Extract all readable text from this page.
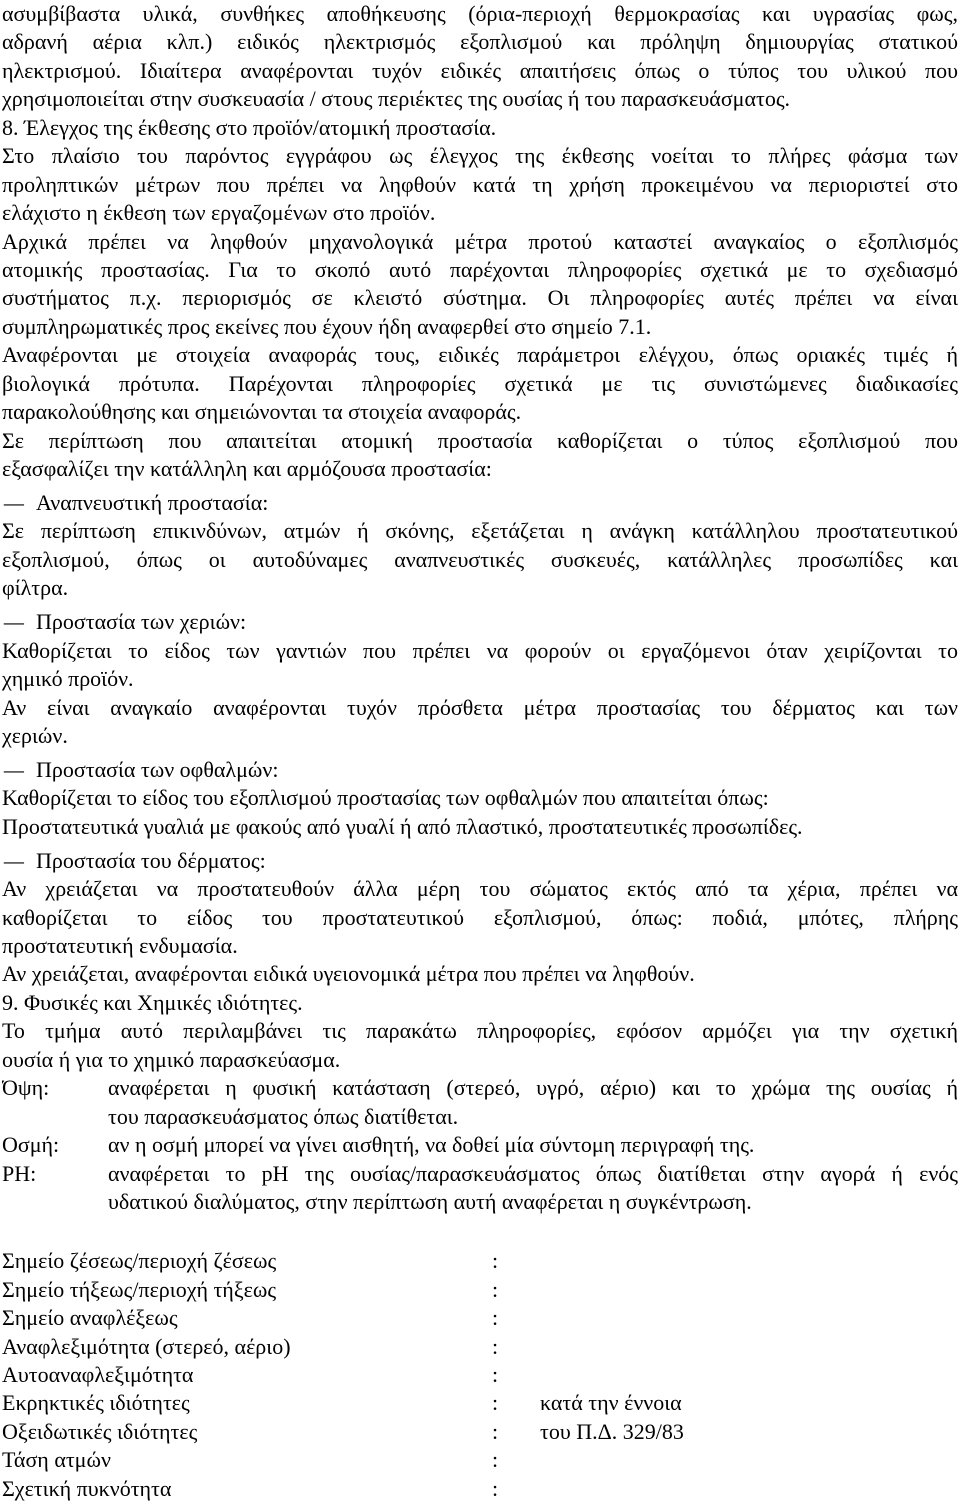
ασυμβίβαστα υλικά, συνθήκες αποθήκευσης (όρια-περιοχή θερμοκρασίας και υγρασίας φως,
αδρανή αέρια κλπ.) ειδικός ηλεκτρισμός εξοπλισμού και πρόληψη δημιουργίας στατικού
ηλεκτρισμού. Ιδιαίτερα αναφέρονται τυχόν ειδικές απαιτήσεις όπως ο τύπος του υλικού που
χρησιμοποιείται στην συσκευασία / στους περιέκτες της ουσίας ή του παρασκευάσματος.
8. Έλεγχος της έκθεσης στο προϊόν/ατομική προστασία.
Στο πλαίσιο του παρόντος εγγράφου ως έλεγχος της έκθεσης νοείται το πλήρες φάσμα των
προληπτικών μέτρων που πρέπει να ληφθούν κατά τη χρήση προκειμένου να περιοριστεί στο
ελάχιστο η έκθεση των εργαζομένων στο προϊόν.
Αρχικά πρέπει να ληφθούν μηχανολογικά μέτρα προτού καταστεί αναγκαίος ο εξοπλισμός
ατομικής προστασίας. Για το σκοπό αυτό παρέχονται πληροφορίες σχετικά με το σχεδιασμό
συστήματος π.χ. περιορισμός σε κλειστό σύστημα. Οι πληροφορίες αυτές πρέπει να είναι
συμπληρωματικές προς εκείνες που έχουν ήδη αναφερθεί στο σημείο 7.1.
Αναφέρονται με στοιχεία αναφοράς τους, ειδικές παράμετροι ελέγχου, όπως οριακές τιμές ή
βιολογικά πρότυπα. Παρέχονται πληροφορίες σχετικά με τις συνιστώμενες διαδικασίες
παρακολούθησης και σημειώνονται τα στοιχεία αναφοράς.
Σε περίπτωση που απαιτείται ατομική προστασία καθορίζεται ο τύπος εξοπλισμού που
εξασφαλίζει την κατάλληλη και αρμόζουσα προστασία:
– Αναπνευστική προστασία:
Σε περίπτωση επικινδύνων, ατμών ή σκόνης, εξετάζεται η ανάγκη κατάλληλου προστατευτικού
εξοπλισμού, όπως οι αυτοδύναμες αναπνευστικές συσκευές, κατάλληλες προσωπίδες και
φίλτρα.
– Προστασία των χεριών:
Καθορίζεται το είδος των γαντιών που πρέπει να φορούν οι εργαζόμενοι όταν χειρίζονται το
χημικό προϊόν.
Αν είναι αναγκαίο αναφέρονται τυχόν πρόσθετα μέτρα προστασίας του δέρματος και των
χεριών.
– Προστασία των οφθαλμών:
Καθορίζεται το είδος του εξοπλισμού προστασίας των οφθαλμών που απαιτείται όπως:
Προστατευτικά γυαλιά με φακούς από γυαλί ή από πλαστικό, προστατευτικές προσωπίδες.
– Προστασία του δέρματος:
Αν χρειάζεται να προστατευθούν άλλα μέρη του σώματος εκτός από τα χέρια, πρέπει να
καθορίζεται το είδος του προστατευτικού εξοπλισμού, όπως: ποδιά, μπότες, πλήρης
προστατευτική ενδυμασία.
Αν χρειάζεται, αναφέρονται ειδικά υγειονομικά μέτρα που πρέπει να ληφθούν.
9. Φυσικές και Χημικές ιδιότητες.
Το τμήμα αυτό περιλαμβάνει τις παρακάτω πληροφορίες, εφόσον αρμόζει για την σχετική
ουσία ή για το χημικό παρασκεύασμα.
Όψη:	αναφέρεται η φυσική κατάσταση (στερεό, υγρό, αέριο) και το χρώμα της ουσίας ή
του παρασκευάσματος όπως διατίθεται.
Οσμή:	αν η οσμή μπορεί να γίνει αισθητή, να δοθεί μία σύντομη περιγραφή της.
PH:	αναφέρεται το pH της ουσίας/παρασκευάσματος όπως διατίθεται στην αγορά ή ενός
υδατικού διαλύματος, στην περίπτωση αυτή αναφέρεται η συγκέντρωση.
Σημείο ζέσεως/περιοχή ζέσεως	:
Σημείο τήξεως/περιοχή τήξεως	:
Σημείο αναφλέξεως	:
Αναφλεξιμότητα (στερεό, αέριο)	:
Αυτοαναφλεξιμότητα	:
Εκρηκτικές ιδιότητες	:	κατά την έννοια
Οξειδωτικές ιδιότητες	:	του Π.Δ. 329/83
Τάση ατμών	:
Σχετική πυκνότητα	:
